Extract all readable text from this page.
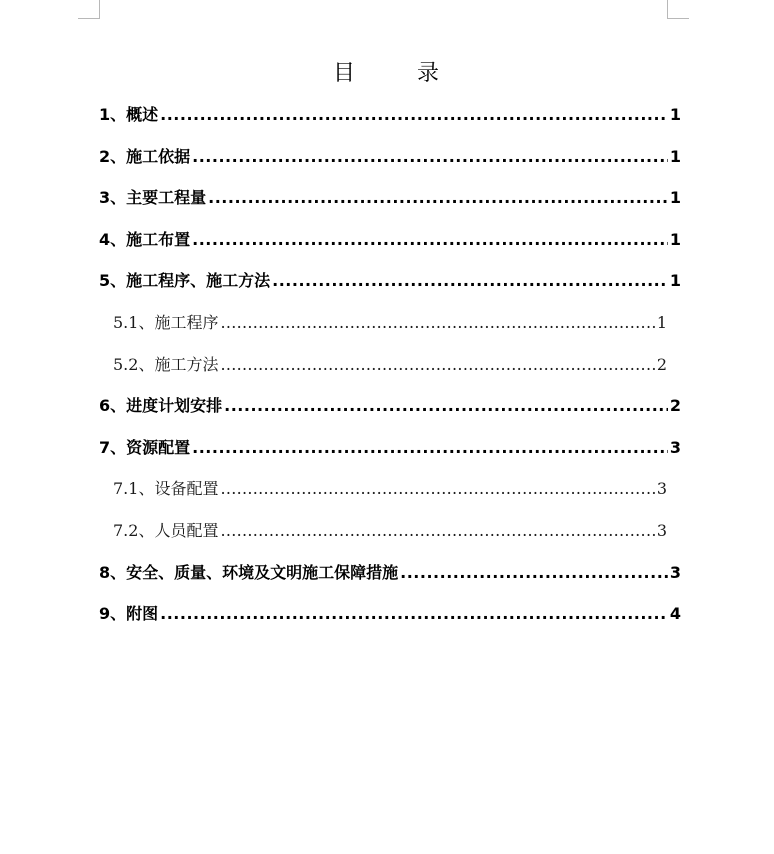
目	录
1、概述 .....	1
2、施工依据 .....	1
3、主要工程量 .....	1
4、施工布置 .....	1
5、施工程序、施工方法 .....	1
5.1、施工程序 .....	1
5.2、施工方法 .....	2
6、进度计划安排 .....	2
7、资源配置 .....	3
7.1、设备配置 .....	3
7.2、人员配置 .....	3
8、安全、质量、环境及文明施工保障措施 .....	3
9、附图 .....	4
